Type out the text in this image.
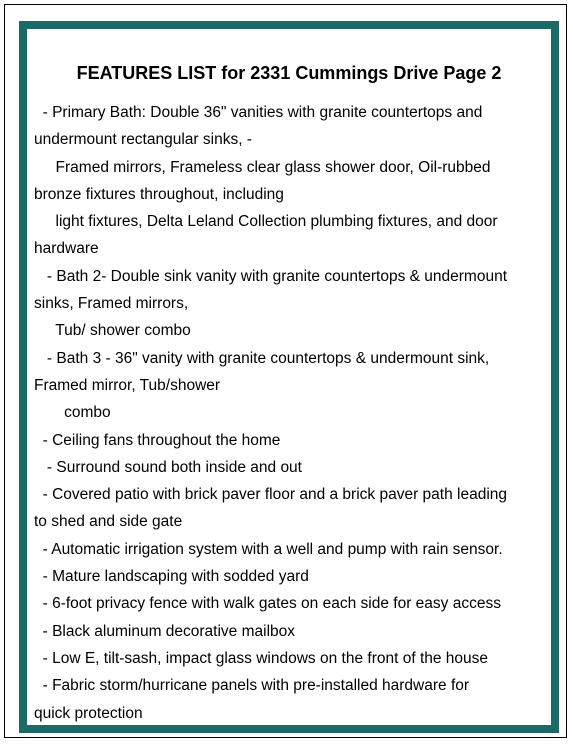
FEATURES LIST for 2331 Cummings Drive Page 2
- Primary Bath: Double 36" vanities with granite countertops and
undermount rectangular sinks, -
Framed mirrors, Frameless clear glass shower door, Oil-rubbed
bronze fixtures throughout, including
light fixtures, Delta Leland Collection plumbing fixtures, and door
hardware
- Bath 2- Double sink vanity with granite countertops & undermount
sinks, Framed mirrors,
Tub/ shower combo
- Bath 3 - 36" vanity with granite countertops & undermount sink,
Framed mirror, Tub/shower
combo
- Ceiling fans throughout the home
- Surround sound both inside and out
- Covered patio with brick paver floor and a brick paver path leading
to shed and side gate
- Automatic irrigation system with a well and pump with rain sensor.
- Mature landscaping with sodded yard
- 6-foot privacy fence with walk gates on each side for easy access
- Black aluminum decorative mailbox
- Low E, tilt-sash, impact glass windows on the front of the house
- Fabric storm/hurricane panels with pre-installed hardware for
quick protection
